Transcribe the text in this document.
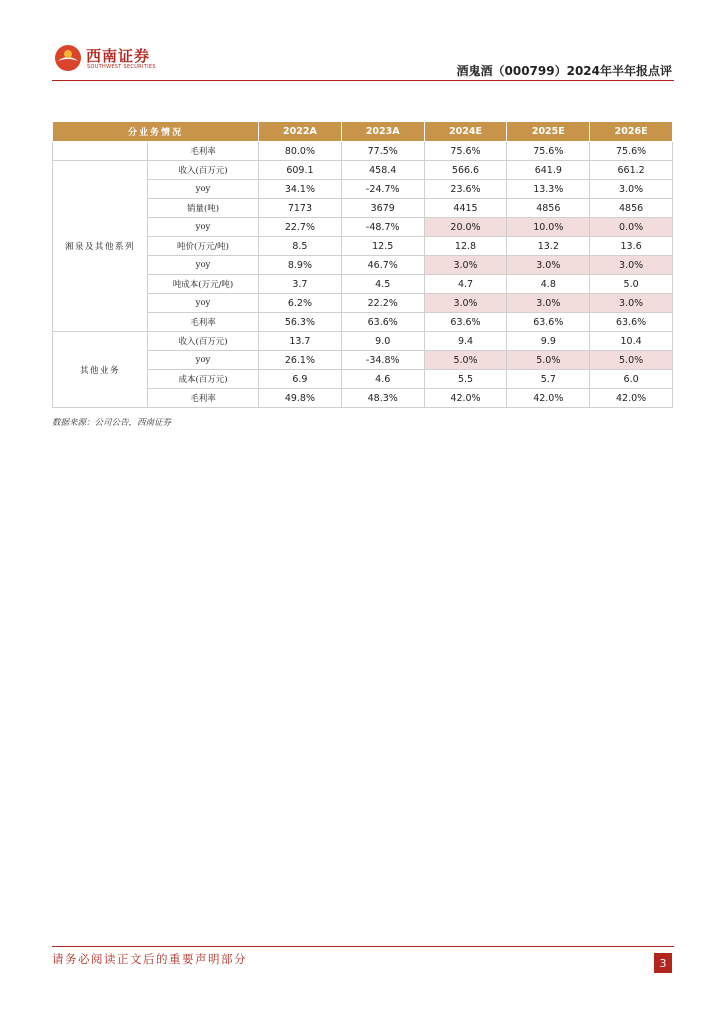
西南证券
SOUTHWEST SECURITIES	酒鬼酒（000799）2024年半年报点评
分业务情况		2022A	2023A	2024E	2025E	2026E
	毛利率	80.0%	77.5%	75.6%	75.6%	75.6%
湘泉及其他系列	收入(百万元)	609.1	458.4	566.6	641.9	661.2
	yoy	34.1%	-24.7%	23.6%	13.3%	3.0%
	销量(吨)	7173	3679	4415	4856	4856
	yoy	22.7%	-48.7%	20.0%	10.0%	0.0%
	吨价(万元/吨)	8.5	12.5	12.8	13.2	13.6
	yoy	8.9%	46.7%	3.0%	3.0%	3.0%
	吨成本(万元/吨)	3.7	4.5	4.7	4.8	5.0
	yoy	6.2%	22.2%	3.0%	3.0%	3.0%
	毛利率	56.3%	63.6%	63.6%	63.6%	63.6%
其他业务	收入(百万元)	13.7	9.0	9.4	9.9	10.4
	yoy	26.1%	-34.8%	5.0%	5.0%	5.0%
	成本(百万元)	6.9	4.6	5.5	5.7	6.0
	毛利率	49.8%	48.3%	42.0%	42.0%	42.0%
数据来源：公司公告，西南证券
请务必阅读正文后的重要声明部分	3
